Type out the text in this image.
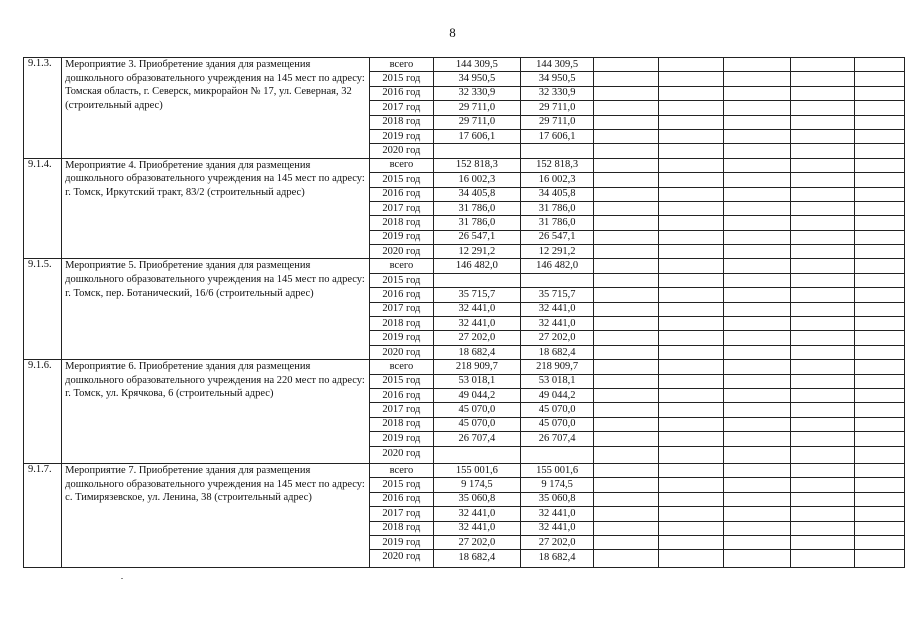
8
9.1.3.	Мероприятие 3. Приобретение здания для размещения дошкольного образовательного учреждения на 145 мест по адресу: Томская область, г. Северск, микрорайон № 17, ул. Северная, 32 (строительный адрес)	всего	144 309,5	144 309,5					
		2015 год	34 950,5	34 950,5					
		2016 год	32 330,9	32 330,9					
		2017 год	29 711,0	29 711,0					
		2018 год	29 711,0	29 711,0					
		2019 год	17 606,1	17 606,1					
		2020 год							
9.1.4.	Мероприятие 4. Приобретение здания для размещения дошкольного образовательного учреждения на 145 мест по адресу: г. Томск, Иркутский тракт, 83/2 (строительный адрес)	всего	152 818,3	152 818,3					
		2015 год	16 002,3	16 002,3					
		2016 год	34 405,8	34 405,8					
		2017 год	31 786,0	31 786,0					
		2018 год	31 786,0	31 786,0					
		2019 год	26 547,1	26 547,1					
		2020 год	12 291,2	12 291,2					
9.1.5.	Мероприятие 5. Приобретение здания для размещения дошкольного образовательного учреждения на 145 мест по адресу: г. Томск, пер. Ботанический, 16/6 (строительный адрес)	всего	146 482,0	146 482,0					
		2015 год							
		2016 год	35 715,7	35 715,7					
		2017 год	32 441,0	32 441,0					
		2018 год	32 441,0	32 441,0					
		2019 год	27 202,0	27 202,0					
		2020 год	18 682,4	18 682,4					
9.1.6.	Мероприятие 6. Приобретение здания для размещения дошкольного образовательного учреждения на 220 мест по адресу: г. Томск, ул. Крячкова, 6 (строительный адрес)	всего	218 909,7	218 909,7					
		2015 год	53 018,1	53 018,1					
		2016 год	49 044,2	49 044,2					
		2017 год	45 070,0	45 070,0					
		2018 год	45 070,0	45 070,0					
		2019 год	26 707,4	26 707,4					
		2020 год							
9.1.7.	Мероприятие 7. Приобретение здания для размещения дошкольного образовательного учреждения на 145 мест по адресу: с. Тимирязевское, ул. Ленина, 38 (строительный адрес)	всего	155 001,6	155 001,6					
		2015 год	9 174,5	9 174,5					
		2016 год	35 060,8	35 060,8					
		2017 год	32 441,0	32 441,0					
		2018 год	32 441,0	32 441,0					
		2019 год	27 202,0	27 202,0					
		2020 год	18 682,4	18 682,4					
